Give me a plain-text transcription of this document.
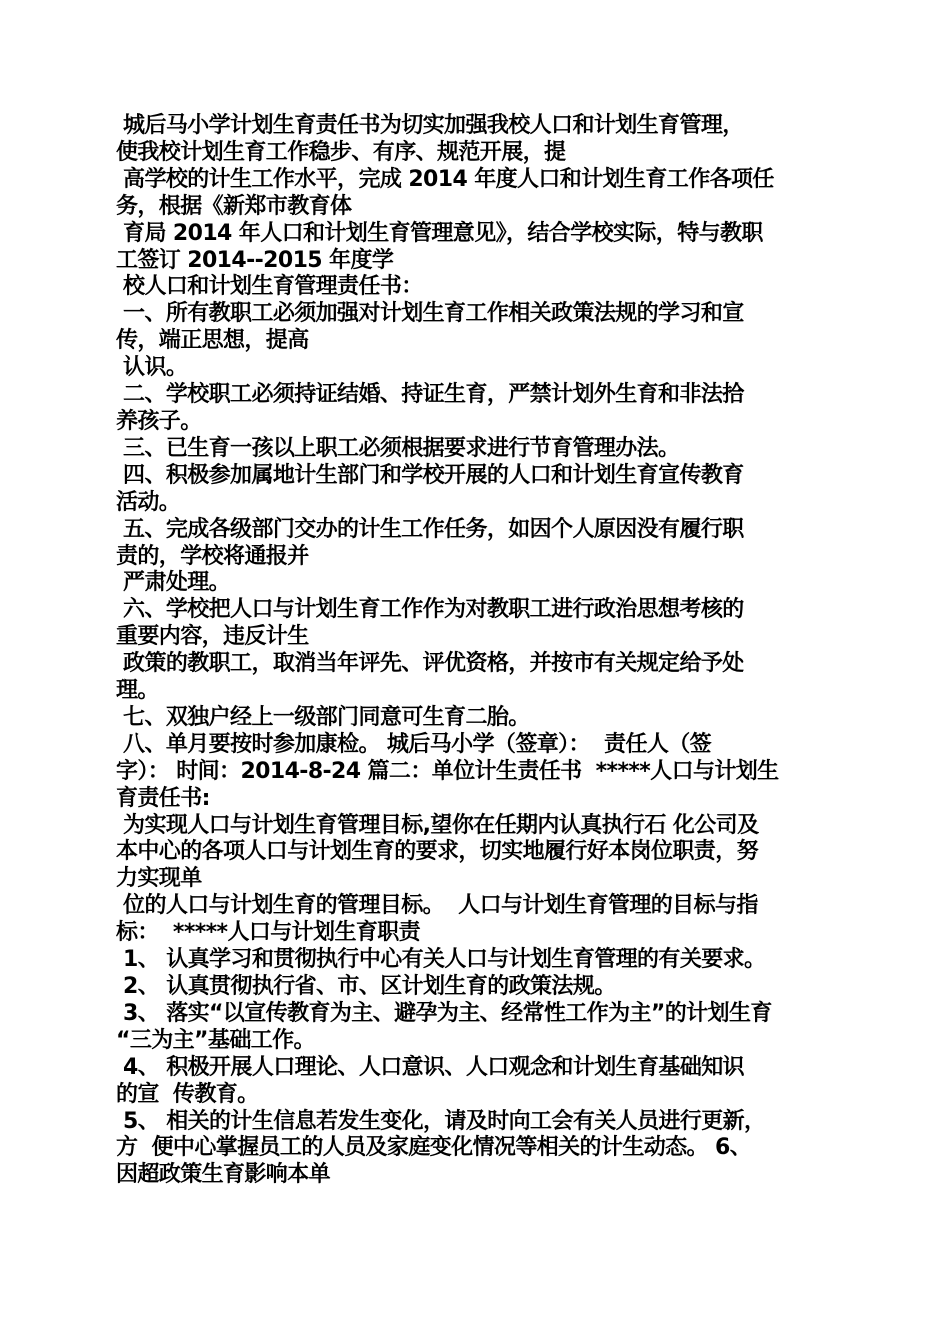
城后马小学计划生育责任书为切实加强我校人口和计划生育管理，
使我校计划生育工作稳步、有序、规范开展，提
高学校的计生工作水平，完成 2014 年度人口和计划生育工作各项任
务，根据《新郑市教育体
育局 2014 年人口和计划生育管理意见》，结合学校实际，特与教职
工签订 2014--2015 年度学
校人口和计划生育管理责任书：
一、所有教职工必须加强对计划生育工作相关政策法规的学习和宣
传，端正思想，提高
认识。
二、学校职工必须持证结婚、持证生育，严禁计划外生育和非法拾
养孩子。
三、已生育一孩以上职工必须根据要求进行节育管理办法。
四、积极参加属地计生部门和学校开展的人口和计划生育宣传教育
活动。
五、完成各级部门交办的计生工作任务，如因个人原因没有履行职
责的，学校将通报并
严肃处理。
六、学校把人口与计划生育工作作为对教职工进行政治思想考核的
重要内容，违反计生
政策的教职工，取消当年评先、评优资格，并按市有关规定给予处
理。
七、双独户经上一级部门同意可生育二胎。
八、单月要按时参加康检。 城后马小学（签章）：  责任人（签
字）： 时间：2014-8-24 篇二：单位计生责任书  *****人口与计划生
育责任书:
为实现人口与计划生育管理目标,望你在任期内认真执行石 化公司及
本中心的各项人口与计划生育的要求，切实地履行好本岗位职责，努
力实现单
位的人口与计划生育的管理目标。  人口与计划生育管理的目标与指
标：  *****人口与计划生育职责
1、 认真学习和贯彻执行中心有关人口与计划生育管理的有关要求。
2、 认真贯彻执行省、市、区计划生育的政策法规。
3、 落实“以宣传教育为主、避孕为主、经常性工作为主”的计划生育
“三为主”基础工作。
4、 积极开展人口理论、人口意识、人口观念和计划生育基础知识
的宣  传教育。
5、 相关的计生信息若发生变化，请及时向工会有关人员进行更新，
方  便中心掌握员工的人员及家庭变化情况等相关的计生动态。 6、
因超政策生育影响本单
